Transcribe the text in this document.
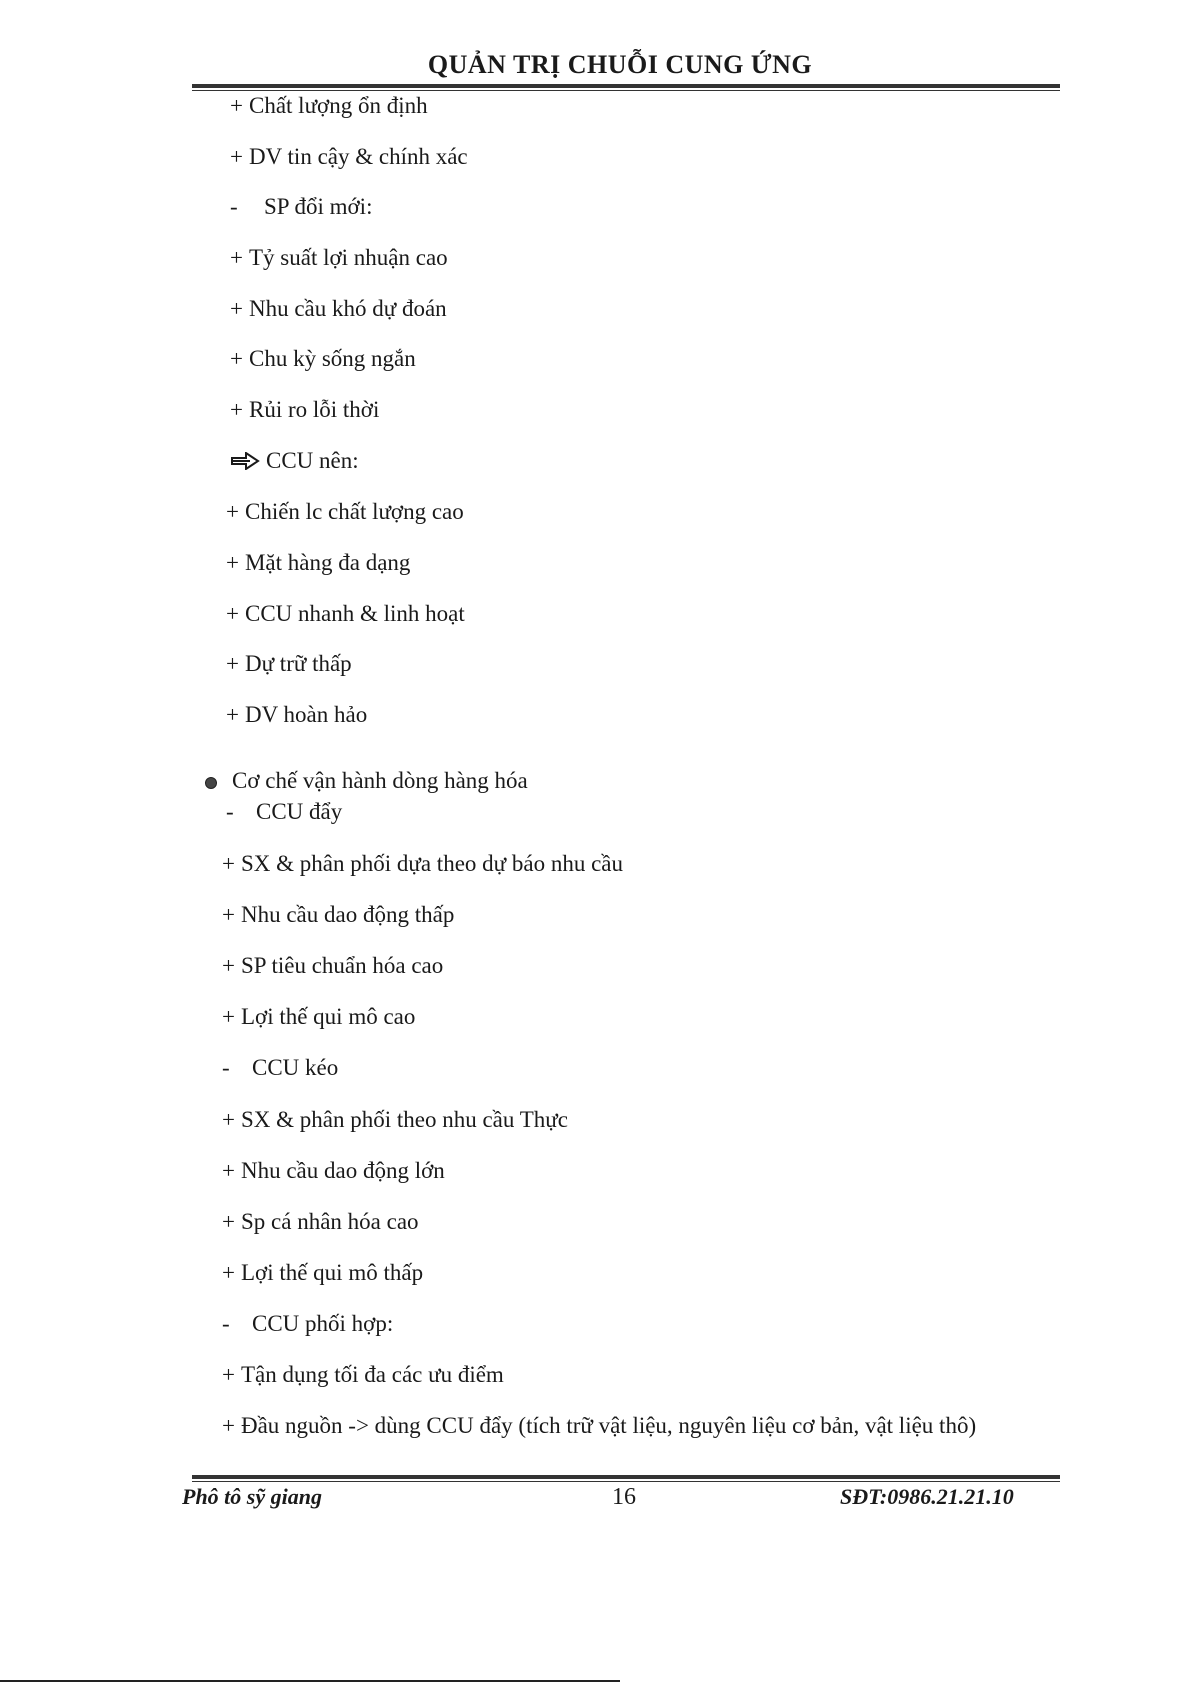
QUẢN TRỊ CHUỖI CUNG ỨNG
+ Chất lượng ổn định
+ DV tin cậy & chính xác
- SP đổi mới:
+ Tỷ suất lợi nhuận cao
+ Nhu cầu khó dự đoán
+ Chu kỳ sống ngắn
+ Rủi ro lỗi thời
CCU nên:
+ Chiến lc chất lượng cao
+ Mặt hàng đa dạng
+ CCU nhanh & linh hoạt
+ Dự trữ thấp
+ DV hoàn hảo
Cơ chế vận hành dòng hàng hóa
- CCU đẩy
+ SX & phân phối dựa theo dự báo nhu cầu
+ Nhu cầu dao động thấp
+ SP tiêu chuẩn hóa cao
+ Lợi thế qui mô cao
- CCU kéo
+ SX & phân phối theo nhu cầu Thực
+ Nhu cầu dao động lớn
+ Sp cá nhân hóa cao
+ Lợi thế qui mô thấp
- CCU phối hợp:
+ Tận dụng tối đa các ưu điểm
+ Đầu nguồn -> dùng CCU đẩy (tích trữ vật liệu, nguyên liệu cơ bản, vật liệu thô)
Phô tô sỹ giang	16	SĐT:0986.21.21.10
